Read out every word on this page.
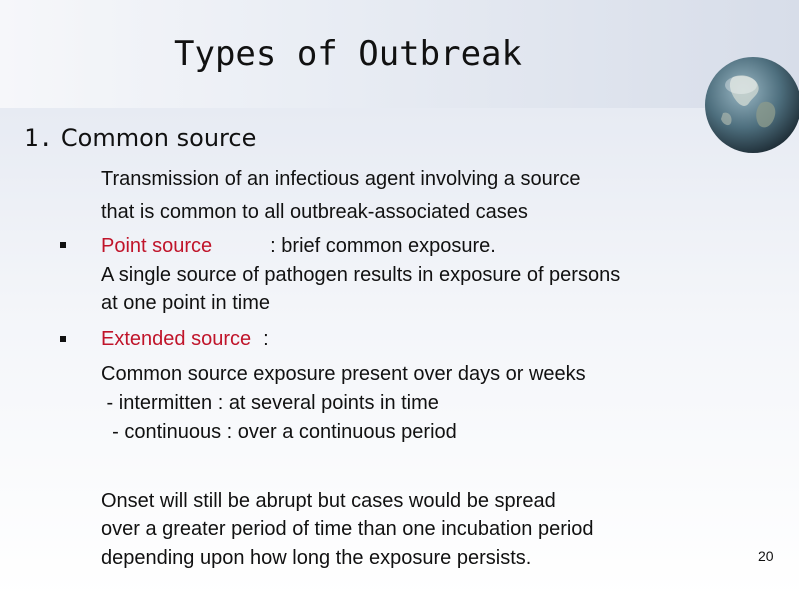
Types of Outbreak
1. Common source
Transmission of an infectious agent involving a source
that is common to all outbreak-associated cases
Point source	: brief common exposure.
A single source of pathogen results in exposure of persons
at one point in time
Extended source :
Common source exposure present over days or weeks
- intermitten : at several points in time
- continuous : over a continuous period
Onset will still be abrupt but cases would be spread
over a greater period of time than one incubation period
depending upon how long the exposure persists.	20
